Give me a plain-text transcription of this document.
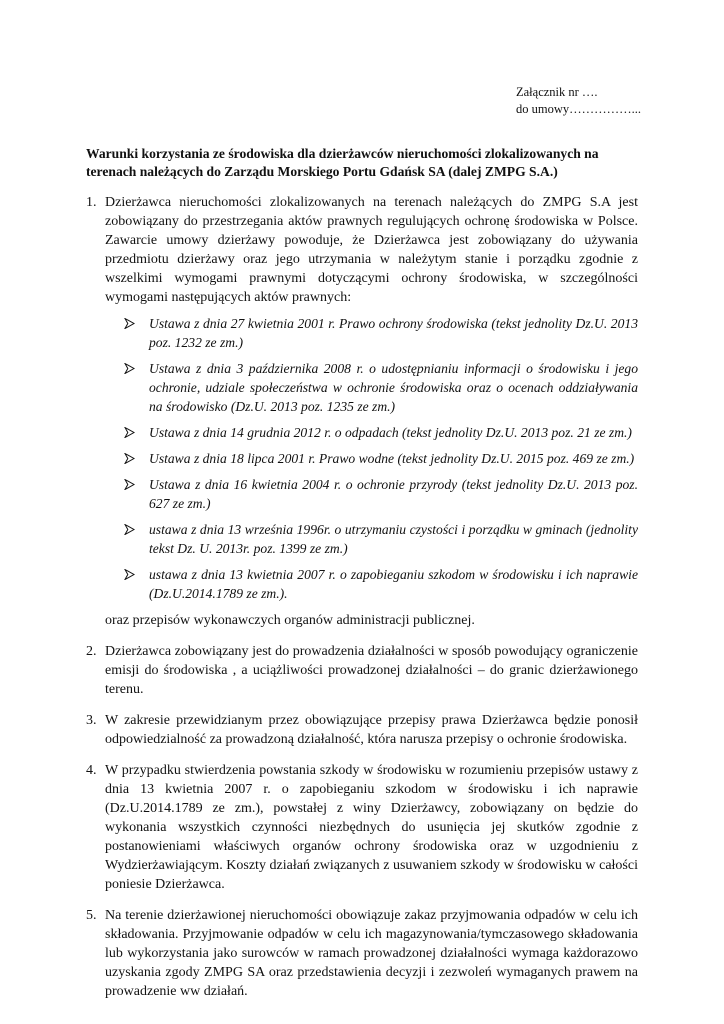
Załącznik nr ….
do umowy……………...
Warunki korzystania ze środowiska dla dzierżawców nieruchomości zlokalizowanych na terenach należących do Zarządu Morskiego Portu Gdańsk SA (dalej ZMPG S.A.)
1. Dzierżawca nieruchomości zlokalizowanych na terenach należących do ZMPG S.A jest zobowiązany do przestrzegania aktów prawnych regulujących ochronę środowiska w Polsce. Zawarcie umowy dzierżawy powoduje, że Dzierżawca jest zobowiązany do używania przedmiotu dzierżawy oraz jego utrzymania w należytym stanie i porządku zgodnie z wszelkimi wymogami prawnymi dotyczącymi ochrony środowiska, w szczególności wymogami następujących aktów prawnych:

Ustawa z dnia 27 kwietnia 2001 r. Prawo ochrony środowiska (tekst jednolity Dz.U. 2013 poz. 1232 ze zm.)
Ustawa z dnia 3 października 2008 r. o udostępnianiu informacji o środowisku i jego ochronie, udziale społeczeństwa w ochronie środowiska oraz o ocenach oddziaływania na środowisko (Dz.U. 2013 poz. 1235 ze zm.)
Ustawa z dnia 14 grudnia 2012 r. o odpadach (tekst jednolity Dz.U. 2013 poz. 21 ze zm.)
Ustawa z dnia 18 lipca 2001 r. Prawo wodne (tekst jednolity Dz.U. 2015 poz. 469 ze zm.)
Ustawa z dnia 16 kwietnia 2004 r. o ochronie przyrody (tekst jednolity Dz.U. 2013 poz. 627 ze zm.)
ustawa z dnia 13 września 1996r. o utrzymaniu czystości i porządku w gminach (jednolity tekst Dz. U. 2013r. poz. 1399 ze zm.)
ustawa z dnia 13 kwietnia 2007 r. o zapobieganiu szkodom w środowisku i ich naprawie (Dz.U.2014.1789 ze zm.).

oraz przepisów wykonawczych organów administracji publicznej.

2. Dzierżawca zobowiązany jest do prowadzenia działalności w sposób powodujący ograniczenie emisji do środowiska , a uciążliwości prowadzonej działalności – do granic dzierżawionego terenu.

3. W zakresie przewidzianym przez obowiązujące przepisy prawa Dzierżawca będzie ponosił odpowiedzialność za prowadzoną działalność, która narusza przepisy o ochronie środowiska.

4. W przypadku stwierdzenia powstania szkody w środowisku w rozumieniu przepisów ustawy z dnia 13 kwietnia 2007 r. o zapobieganiu szkodom w środowisku i ich naprawie (Dz.U.2014.1789 ze zm.), powstałej z winy Dzierżawcy, zobowiązany on będzie do wykonania wszystkich czynności niezbędnych do usunięcia jej skutków zgodnie z postanowieniami właściwych organów ochrony środowiska oraz w uzgodnieniu z Wydzierżawiającym. Koszty działań związanych z usuwaniem szkody w środowisku w całości poniesie Dzierżawca.

5. Na terenie dzierżawionej nieruchomości obowiązuje zakaz przyjmowania odpadów w celu ich składowania. Przyjmowanie odpadów w celu ich magazynowania/tymczasowego składowania lub wykorzystania jako surowców w ramach prowadzonej działalności wymaga każdorazowo uzyskania zgody ZMPG SA oraz przedstawienia decyzji i zezwoleń wymaganych prawem na prowadzenie ww działań.
